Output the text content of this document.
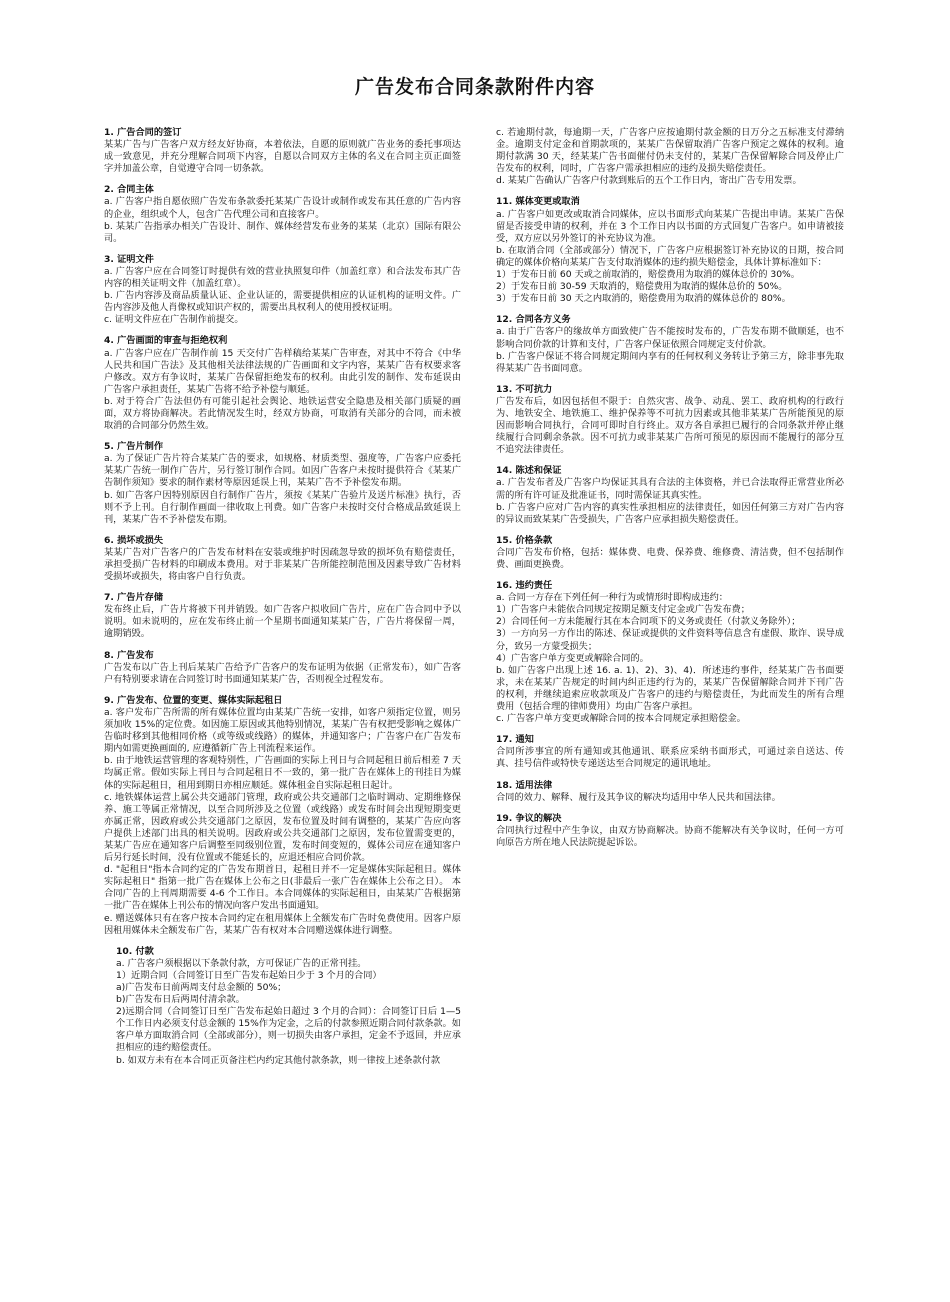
广告发布合同条款附件内容
1. 广告合同的签订

某某广告与广告客户双方经友好协商，本着依法，自愿的原则就广告业务的委托事项达成一致意见，并充分理解合同项下内容，自愿以合同双方主体的名义在合同主页正面签字并加盖公章，自觉遵守合同一切条款。

2. 合同主体

a. 广告客户指自愿依照广告发布条款委托某某广告设计或制作或发布其任意的广告内容的企业，组织或个人，包含广告代理公司和直接客户。

b. 某某广告指承办相关广告设计、制作、媒体经营发布业务的某某（北京）国际有限公司。

3. 证明文件

a. 广告客户应在合同签订时提供有效的营业执照复印件（加盖红章）和合法发布其广告内容的相关证明文件（加盖红章）。

b. 广告内容涉及商品质量认证、企业认证的，需要提供相应的认证机构的证明文件。广告内容涉及他人肖像权或知识产权的，需要出具权利人的使用授权证明。

c. 证明文件应在广告制作前提交。

4. 广告画面的审查与拒绝权利

a. 广告客户应在广告制作前 15 天交付广告样稿给某某广告审查，对其中不符合《中华人民共和国广告法》及其他相关法律法规的广告画面和文字内容，某某广告有权要求客户修改。双方有争议时，某某广告保留拒绝发布的权利。由此引发的制作、发布延误由广告客户承担责任，某某广告将不给予补偿与顺延。

b. 对于符合广告法但仍有可能引起社会舆论、地铁运营安全隐患及相关部门质疑的画面，双方将协商解决。若此情况发生时，经双方协商，可取消有关部分的合同，而未被取消的合同部分仍然生效。

5. 广告片制作

a. 为了保证广告片符合某某广告的要求，如规格、材质类型、强度等，广告客户应委托某某广告统一制作广告片，另行签订制作合同。如因广告客户未按时提供符合《某某广告制作须知》要求的制作素材等原因延误上刊，某某广告不予补偿发布期。

b. 如广告客户因特别原因自行制作广告片，须按《某某广告验片及送片标准》执行，否则不予上刊。自行制作画面一律收取上刊费。如广告客户未按时交付合格成品致延误上刊，某某广告不予补偿发布期。

6. 损坏或损失

某某广告对广告客户的广告发布材料在安装或维护时因疏忽导致的损坏负有赔偿责任，承担受损广告材料的印刷成本费用。对于非某某广告所能控制范围及因素导致广告材料受损坏或损失，将由客户自行负责。

7. 广告片存储

发布终止后，广告片将被下刊并销毁。如广告客户拟收回广告片，应在广告合同中予以说明。如未说明的，应在发布终止前一个星期书面通知某某广告，广告片将保留一周，逾期销毁。

8. 广告发布

广告发布以广告上刊后某某广告给予广告客户的发布证明为依据（正常发布），如广告客户有特别要求请在合同签订时书面通知某某广告，否则视全过程发布。

9. 广告发布、位置的变更、媒体实际起租日

a. 客户发布广告所需的所有媒体位置均由某某广告统一安排，如客户须指定位置，则另须加收 15%的定位费。如因施工原因或其他特别情况，某某广告有权把受影响之媒体广告临时移到其他相同价格（或等级或线路）的媒体，并通知客户；广告客户在广告发布期内如需更换画面的, 应遵循新广告上刊流程来运作。

b. 由于地铁运营管理的客观特别性，广告画面的实际上刊日与合同起租日前后相差 7 天均属正常。假如实际上刊日与合同起租日不一致的，第一批广告在媒体上的刊挂日为媒体的实际起租日，租用到期日亦相应顺延。媒体租金自实际起租日起计。

c. 地铁媒体运营上属公共交通部门管理，政府或公共交通部门之临时调动、定期维修保养、施工等属正常情况，以至合同所涉及之位置（或线路）或发布时间会出现短期变更亦属正常，因政府或公共交通部门之原因，发布位置及时间有调整的，某某广告应向客户提供上述部门出具的相关说明。因政府或公共交通部门之原因，发布位置需变更的，某某广告应在通知客户后调整至同级别位置，发布时间变短的，媒体公司应在通知客户后另行延长时间，没有位置或不能延长的，应退还相应合同价款。

d. "起租日"指本合同约定的广告发布期首日，起租日并不一定是媒体实际起租日。媒体实际起租日" 指第一批广告在媒体上公布之日(非最后一张广告在媒体上公布之日）。 本合同广告的上刊周期需要 4-6 个工作日。本合同媒体的实际起租日，由某某广告根据第一批广告在媒体上刊公布的情况向客户发出书面通知。

e. 赠送媒体只有在客户按本合同约定在租用媒体上全额发布广告时免费使用。因客户原因租用媒体未全额发布广告，某某广告有权对本合同赠送媒体进行调整。

10. 付款

a. 广告客户须根据以下条款付款，方可保证广告的正常刊挂。

1）近期合同（合同签订日至广告发布起始日少于 3 个月的合同）

a)广告发布日前两周支付总金额的 50%；

b)广告发布日后两周付清余款。

2)远期合同（合同签订日至广告发布起始日超过 3 个月的合同）：合同签订日后 1—5 个工作日内必须支付总金额的 15%作为定金，之后的付款参照近期合同付款条款。如客户单方面取消合同（全部或部分），则一切损失由客户承担，定金不予返回，并应承担相应的违约赔偿责任。

b. 如双方未有在本合同正页备注栏内约定其他付款条款，则一律按上述条款付款

c. 若逾期付款，每逾期一天，广告客户应按逾期付款金额的日万分之五标准支付滞纳金。逾期支付定金和首期款项的，某某广告保留取消广告客户预定之媒体的权利。逾期付款满 30 天，经某某广告书面催付仍未支付的，某某广告保留解除合同及停止广告发布的权利，同时，广告客户需承担相应的违约及损失赔偿责任。

d. 某某广告确认广告客户付款到账后的五个工作日内，寄出广告专用发票。

11. 媒体变更或取消

a. 广告客户如更改或取消合同媒体，应以书面形式向某某广告提出申请。某某广告保留是否接受申请的权利，并在 3 个工作日内以书面的方式回复广告客户。如申请被接受，双方应以另外签订的补充协议为准。

b. 在取消合同（全部或部分）情况下，广告客户应根据签订补充协议的日期，按合同确定的媒体价格向某某广告支付取消媒体的违约损失赔偿金，具体计算标准如下：

1）于发布日前 60 天或之前取消的，赔偿费用为取消的媒体总价的 30%。

2）于发布日前 30-59 天取消的，赔偿费用为取消的媒体总价的 50%。

3）于发布日前 30 天之内取消的，赔偿费用为取消的媒体总价的 80%。

12. 合同各方义务

a. 由于广告客户的缘故单方面致使广告不能按时发布的，广告发布期不做顺延，也不影响合同价款的计算和支付，广告客户保证依照合同规定支付价款。

b. 广告客户保证不将合同规定期间内享有的任何权利义务转让予第三方，除非事先取得某某广告书面同意。

13. 不可抗力

广告发布后，如因包括但不限于：自然灾害、战争、动乱、罢工、政府机构的行政行为、地铁安全、地铁施工、维护保养等不可抗力因素或其他非某某广告所能预见的原因而影响合同执行，合同可即时自行终止。双方各自承担已履行的合同条款并停止继续履行合同剩余条款。因不可抗力或非某某广告所可预见的原因而不能履行的部分互不追究法律责任。

14. 陈述和保证

a. 广告发布者及广告客户均保证其具有合法的主体资格，并已合法取得正常营业所必需的所有许可证及批准证书，同时需保证其真实性。

b. 广告客户应对广告内容的真实性承担相应的法律责任，如因任何第三方对广告内容的异议而致某某广告受损失，广告客户应承担损失赔偿责任。

15. 价格条款

合同广告发布价格，包括：媒体费、电费、保养费、维修费、清洁费，但不包括制作费、画面更换费。

16. 违约责任

a. 合同一方存在下列任何一种行为或情形时即构成违约：

1）广告客户未能依合同规定按期足额支付定金或广告发布费；

2）合同任何一方未能履行其在本合同项下的义务或责任（付款义务除外）；

3）一方向另一方作出的陈述、保证或提供的文件资料等信息含有虚假、欺诈、误导成分，致另一方蒙受损失；

4）广告客户单方变更或解除合同的。

b. 如广告客户出现上述 16. a. 1)、2)、3)、4)．所述违约事件，经某某广告书面要求，未在某某广告规定的时间内纠正违约行为的，某某广告保留解除合同并下刊广告的权利，并继续追索应收款项及广告客户的违约与赔偿责任，为此而发生的所有合理费用（包括合理的律师费用）均由广告客户承担。

c. 广告客户单方变更或解除合同的按本合同规定承担赔偿金。

17. 通知

合同所涉事宜的所有通知或其他通讯、联系应采纳书面形式，可通过亲自送达、传真、挂号信件或特快专递送达至合同规定的通讯地址。

18. 适用法律

合同的效力、解释、履行及其争议的解决均适用中华人民共和国法律。

19. 争议的解决

合同执行过程中产生争议，由双方协商解决。协商不能解决有关争议时，任何一方可向原告方所在地人民法院提起诉讼。
